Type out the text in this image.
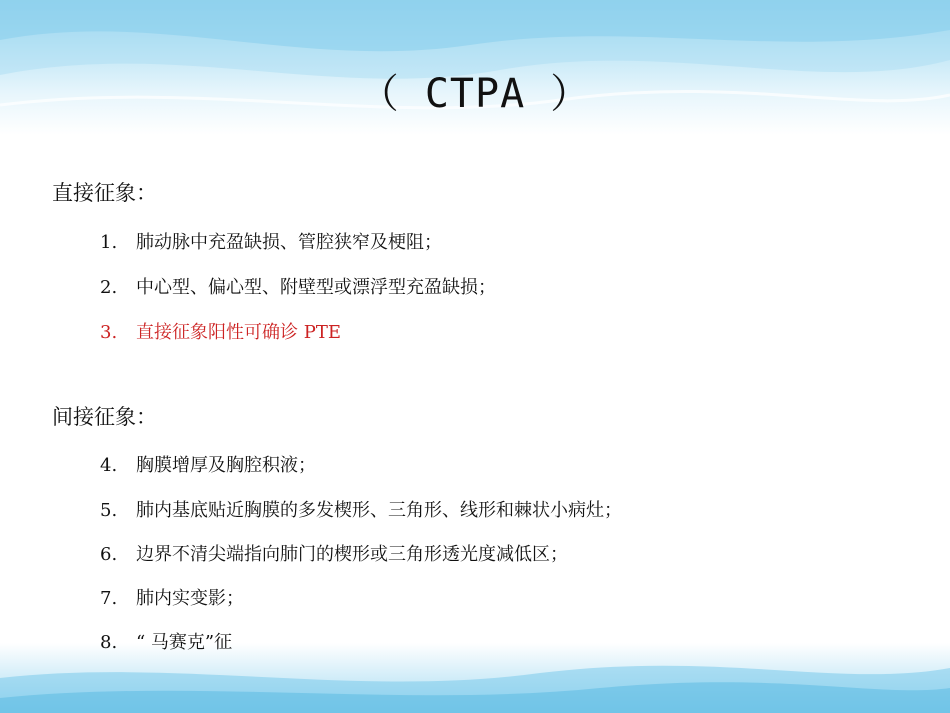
（ CTPA ）
直接征象：
1. 肺动脉中充盈缺损、管腔狭窄及梗阻；
2. 中心型、偏心型、附壁型或漂浮型充盈缺损；
3. 直接征象阳性可确诊 PTE
间接征象：
4. 胸膜增厚及胸腔积液；
5. 肺内基底贴近胸膜的多发楔形、三角形、线形和棘状小病灶；
6. 边界不清尖端指向肺门的楔形或三角形透光度减低区；
7. 肺内实变影；
8. “ 马赛克”征
